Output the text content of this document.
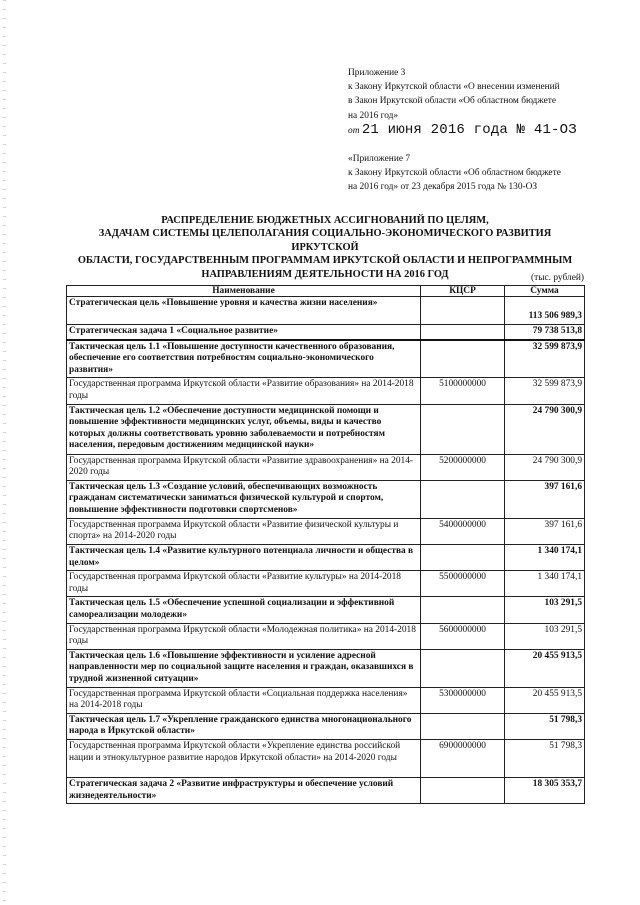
Приложение 3
к Закону Иркутской области «О внесении изменений
в Закон Иркутской области «Об областном бюджете
на 2016 год»
от 21 июня 2016 года № 41-ОЗ
«Приложение 7
к Закону Иркутской области «Об областном бюджете
на 2016 год» от 23 декабря 2015 года № 130-ОЗ
РАСПРЕДЕЛЕНИЕ БЮДЖЕТНЫХ АССИГНОВАНИЙ ПО ЦЕЛЯМ,
ЗАДАЧАМ СИСТЕМЫ ЦЕЛЕПОЛАГАНИЯ СОЦИАЛЬНО-ЭКОНОМИЧЕСКОГО РАЗВИТИЯ ИРКУТСКОЙ
ОБЛАСТИ, ГОСУДАРСТВЕННЫМ ПРОГРАММАМ ИРКУТСКОЙ ОБЛАСТИ И НЕПРОГРАММНЫМ
НАПРАВЛЕНИЯМ ДЕЯТЕЛЬНОСТИ НА 2016 ГОД	(тыс. рублей)
Наименование	КЦСР	Сумма
Стратегическая цель «Повышение уровня и качества жизни населения»		113 506 989,3
Стратегическая задача 1 «Социальное развитие»		79 738 513,8
Тактическая цель 1.1 «Повышение доступности качественного образования, обеспечение его соответствия потребностям социально-экономического развития»		32 599 873,9
Государственная программа Иркутской области «Развитие образования» на 2014-2018 годы	5100000000	32 599 873,9
Тактическая цель 1.2 «Обеспечение доступности медицинской помощи и повышение эффективности медицинских услуг, объемы, виды и качество которых должны соответствовать уровню заболеваемости и потребностям населения, передовым достижениям медицинской науки»		24 790 300,9
Государственная программа Иркутской области «Развитие здравоохранения» на 2014-2020 годы	5200000000	24 790 300,9
Тактическая цель 1.3 «Создание условий, обеспечивающих возможность гражданам систематически заниматься физической культурой и спортом, повышение эффективности подготовки спортсменов»		397 161,6
Государственная программа Иркутской области «Развитие физической культуры и спорта» на 2014-2020 годы	5400000000	397 161,6
Тактическая цель 1.4 «Развитие культурного потенциала личности и общества в целом»		1 340 174,1
Государственная программа Иркутской области «Развитие культуры» на 2014-2018 годы	5500000000	1 340 174,1
Тактическая цель 1.5 «Обеспечение успешной социализации и эффективной самореализации молодежи»		103 291,5
Государственная программа Иркутской области «Молодежная политика» на 2014-2018 годы	5600000000	103 291,5
Тактическая цель 1.6 «Повышение эффективности и усиление адресной направленности мер по социальной защите населения и граждан, оказавшихся в трудной жизненной ситуации»		20 455 913,5
Государственная программа Иркутской области «Социальная поддержка населения» на 2014-2018 годы	5300000000	20 455 913,5
Тактическая цель 1.7 «Укрепление гражданского единства многонационального народа в Иркутской области»		51 798,3
Государственная программа Иркутской области «Укрепление единства российской нации и этнокультурное развитие народов Иркутской области» на 2014-2020 годы	6900000000	51 798,3
Стратегическая задача 2 «Развитие инфраструктуры и обеспечение условий жизнедеятельности»		18 305 353,7
